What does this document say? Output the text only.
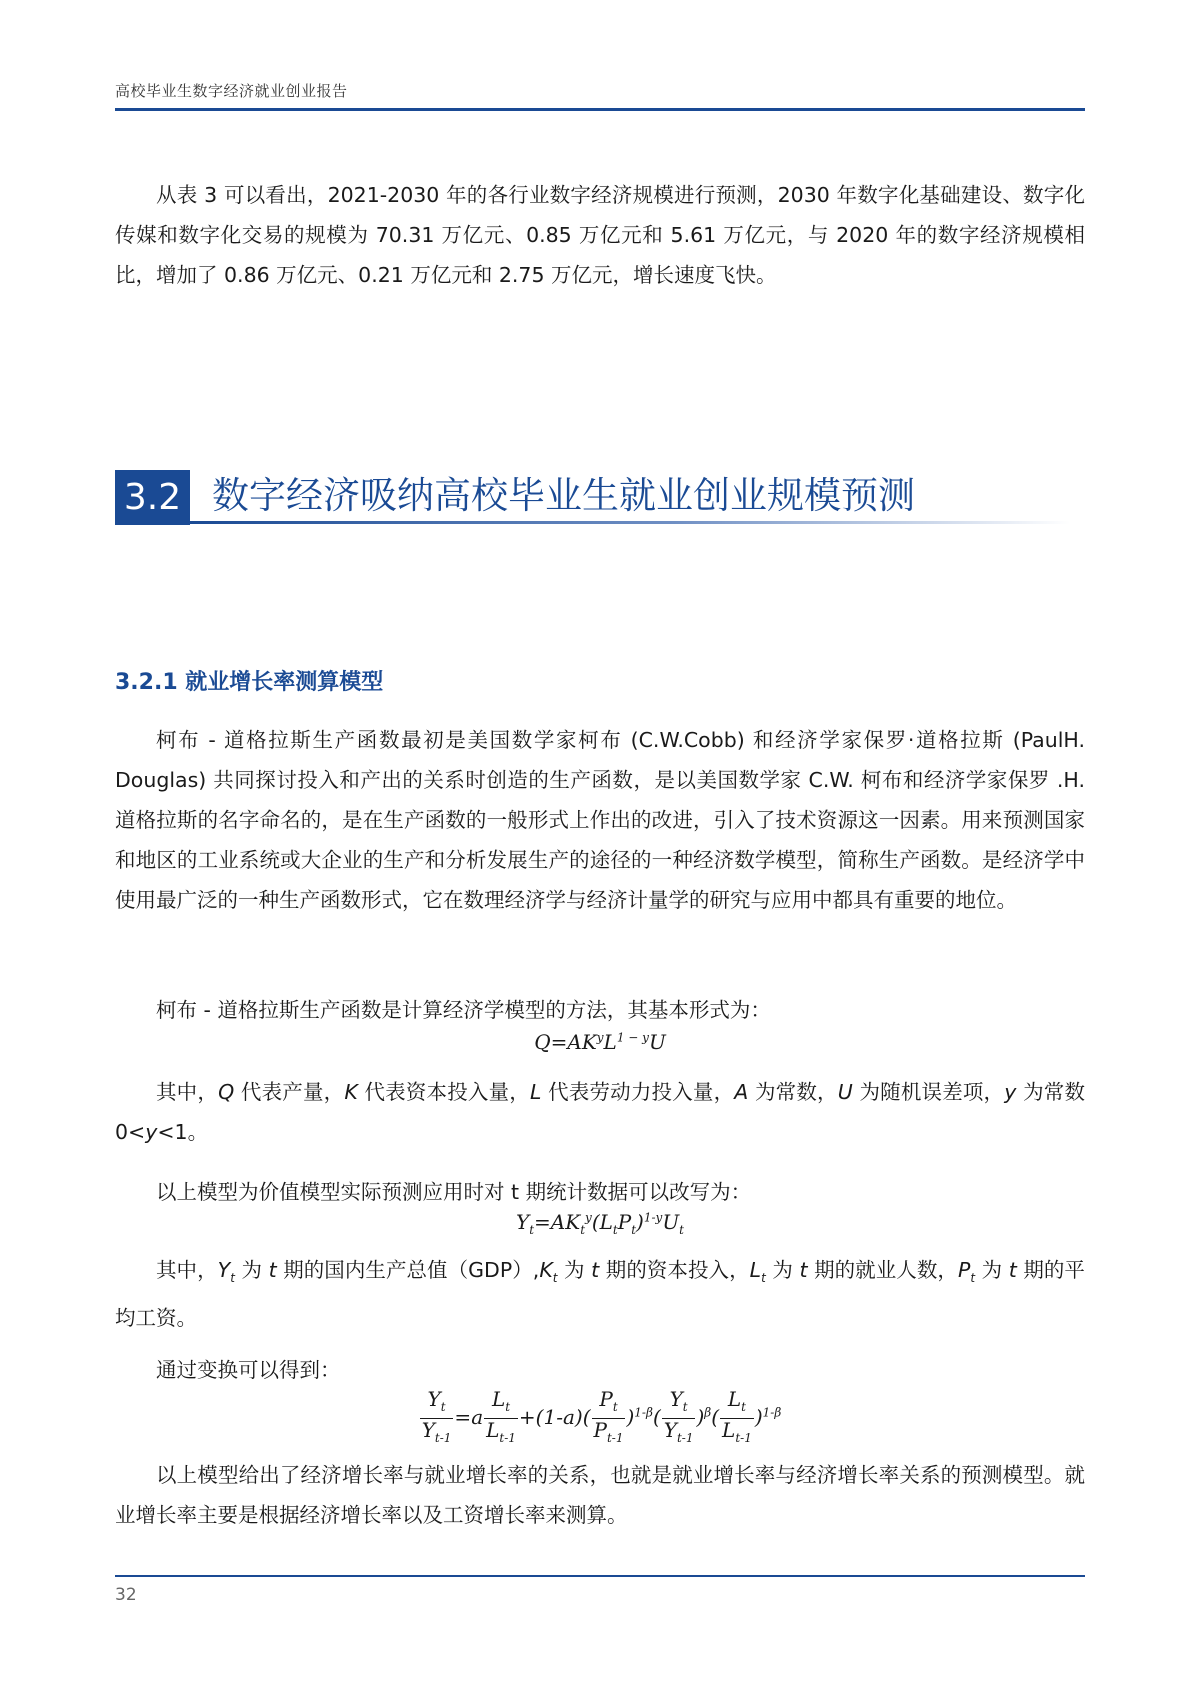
高校毕业生数字经济就业创业报告

从表 3 可以看出，2021-2030 年的各行业数字经济规模进行预测，2030 年数字化基础建设、数字化传媒和数字化交易的规模为 70.31 万亿元、0.85 万亿元和 5.61 万亿元，与 2020 年的数字经济规模相比，增加了 0.86 万亿元、0.21 万亿元和 2.75 万亿元，增长速度飞快。

3.2 数字经济吸纳高校毕业生就业创业规模预测
3.2.1 就业增长率测算模型

柯布 - 道格拉斯生产函数最初是美国数学家柯布 (C.W.Cobb) 和经济学家保罗·道格拉斯 (PaulH. Douglas) 共同探讨投入和产出的关系时创造的生产函数，是以美国数学家 C.W. 柯布和经济学家保罗 .H. 道格拉斯的名字命名的，是在生产函数的一般形式上作出的改进，引入了技术资源这一因素。用来预测国家和地区的工业系统或大企业的生产和分析发展生产的途径的一种经济数学模型，简称生产函数。是经济学中使用最广泛的一种生产函数形式，它在数理经济学与经济计量学的研究与应用中都具有重要的地位。

柯布 - 道格拉斯生产函数是计算经济学模型的方法，其基本形式为：

$Q=AK^yL^{1 - y}U$

其中，Q 代表产量，K 代表资本投入量，L 代表劳动力投入量，A 为常数，U 为随机误差项，y 为常数 0<y<1。

以上模型为价值模型实际预测应用时对 t 期统计数据可以改写为：

$Y_t=AK_t^y(L_tP_t)^{1-y}U_t$

其中，$Y_t$ 为 t 期的国内生产总值$(GDP),K_t$ 为 t 期的资本投入，$L_t$ 为 t 期的就业人数，$P_t$ 为 t 期的平均工资。

通过变换可以得到：

$\frac{Y_t}{Y_{t-1}} =a \frac{L_t}{L_{t-1}} +(1-a)( \frac{P_t}{P_{t-1}} )^{1-\beta}( \frac{Y_t}{Y_{t-1}} )^\beta( \frac{L_t}{L_{t-1}} )^{1-\beta}$

以上模型给出了经济增长率与就业增长率的关系，也就是就业增长率与经济增长率关系的预测模型。就业增长率主要是根据经济增长率以及工资增长率来测算。

32
